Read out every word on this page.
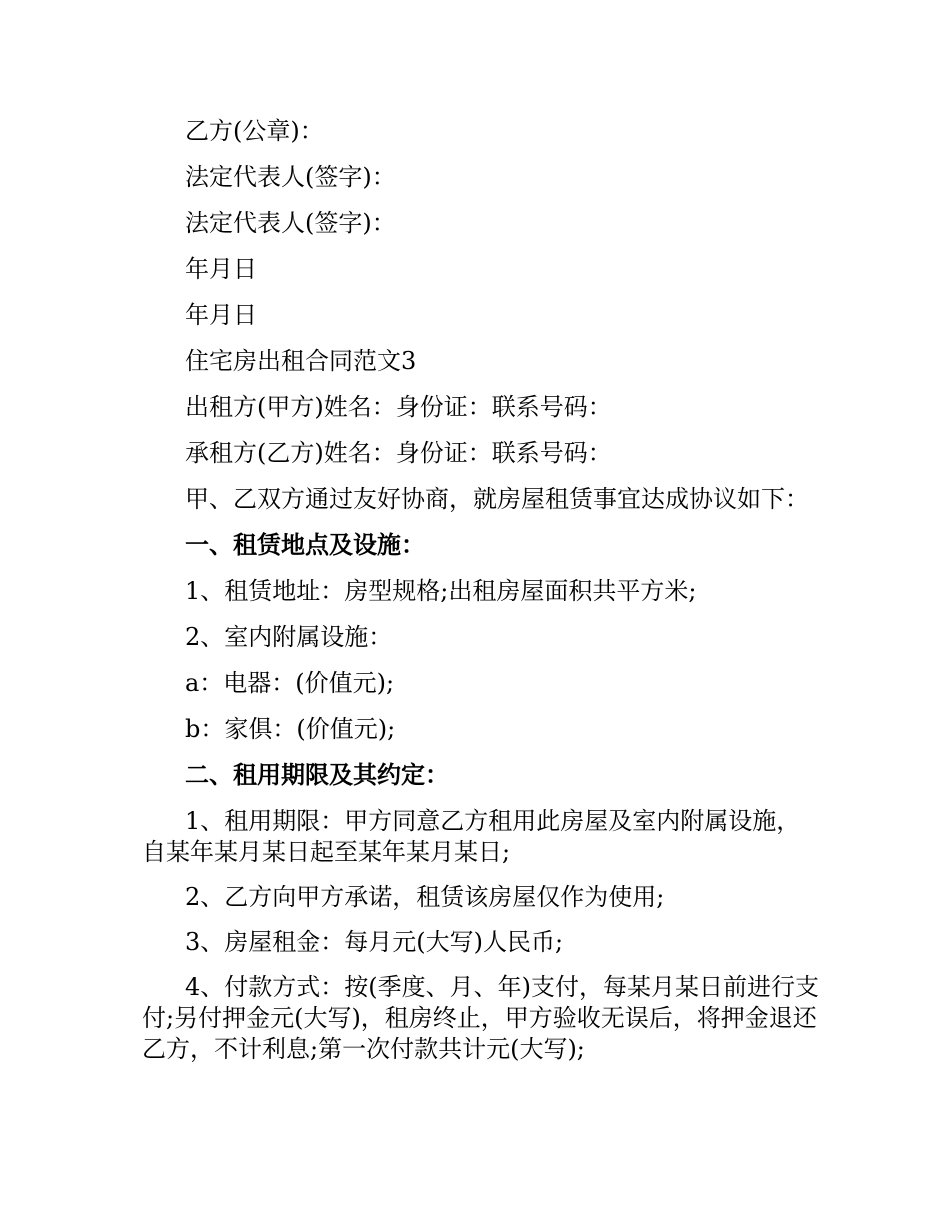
乙方(公章)：

法定代表人(签字)：

法定代表人(签字)：

年月日

年月日

住宅房出租合同范文3

出租方(甲方)姓名：身份证：联系号码：

承租方(乙方)姓名：身份证：联系号码：

甲、乙双方通过友好协商，就房屋租赁事宜达成协议如下：

一、租赁地点及设施：

1、租赁地址：房型规格;出租房屋面积共平方米;

2、室内附属设施：

a：电器：(价值元);

b：家俱：(价值元);

二、租用期限及其约定：

1、租用期限：甲方同意乙方租用此房屋及室内附属设施，自某年某月某日起至某年某月某日;

2、乙方向甲方承诺，租赁该房屋仅作为使用;

3、房屋租金：每月元(大写)人民币;

4、付款方式：按(季度、月、年)支付，每某月某日前进行支付;另付押金元(大写)，租房终止，甲方验收无误后，将押金退还乙方，不计利息;第一次付款共计元(大写);
